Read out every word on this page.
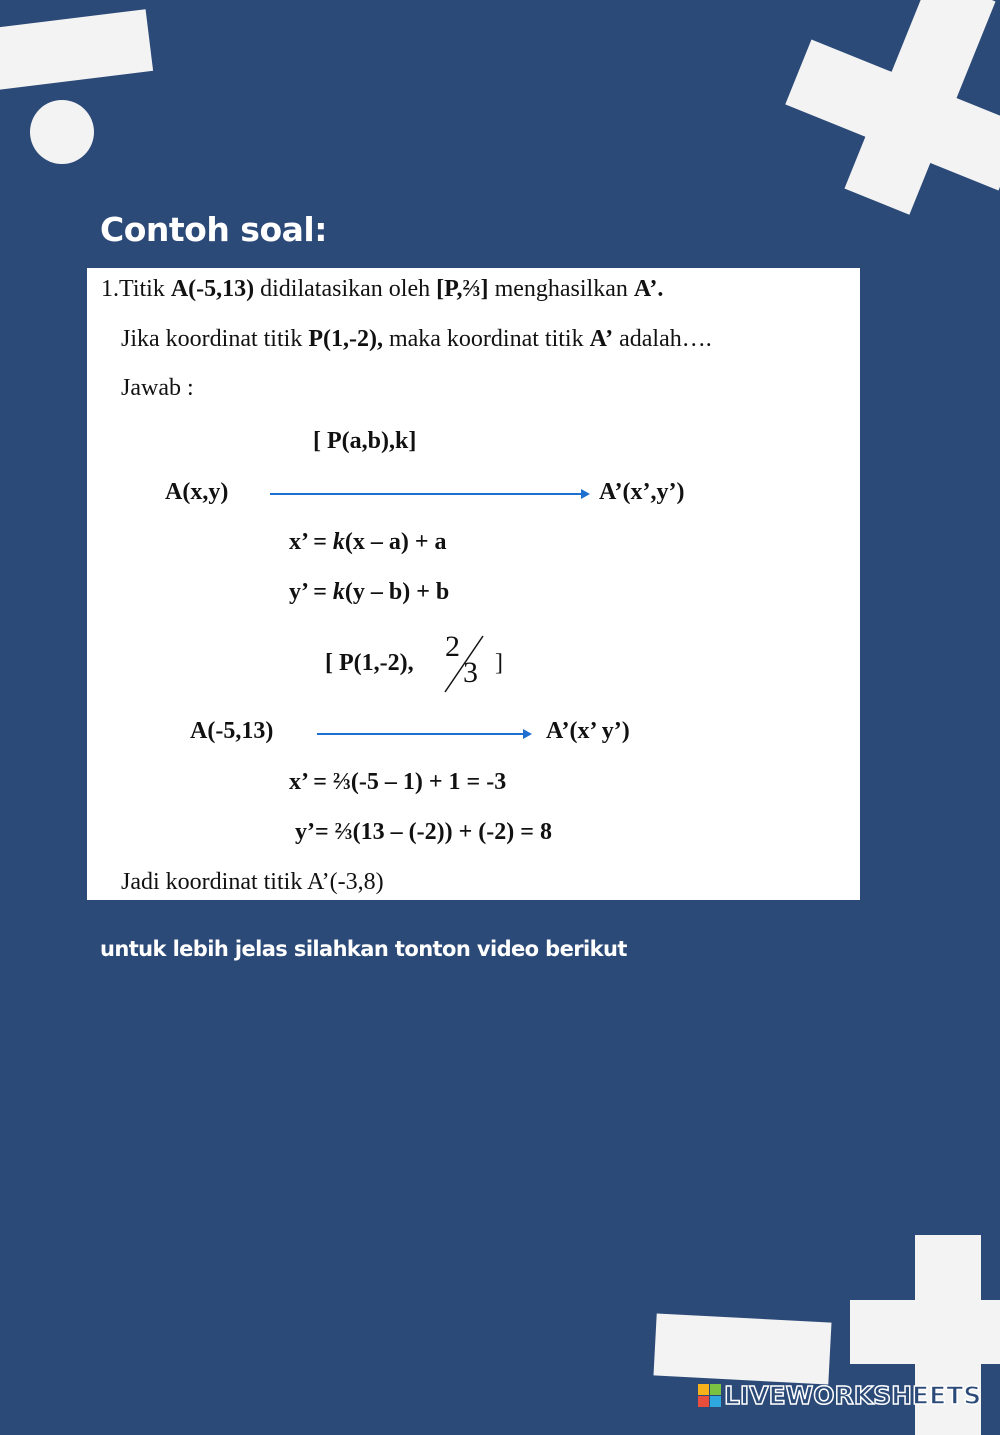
Contoh soal:
1.Titik A(-5,13) didilatasikan oleh [P,⅔] menghasilkan A’.
Jika koordinat titik P(1,-2), maka koordinat titik A’ adalah….
Jawab :
[ P(a,b),k]
A(x,y)	A’(x’,y’)
x’ = k(x – a) + a
y’ = k(y – b) + b
[ P(1,-2), 2
3 ]
A(-5,13)	A’(x’ y’)
x’ = ⅔(-5 – 1) + 1 = -3
y’= ⅔(13 – (-2)) + (-2) = 8
Jadi koordinat titik A’(-3,8)
untuk lebih jelas silahkan tonton video berikut
LIVEWORKSHEETS
